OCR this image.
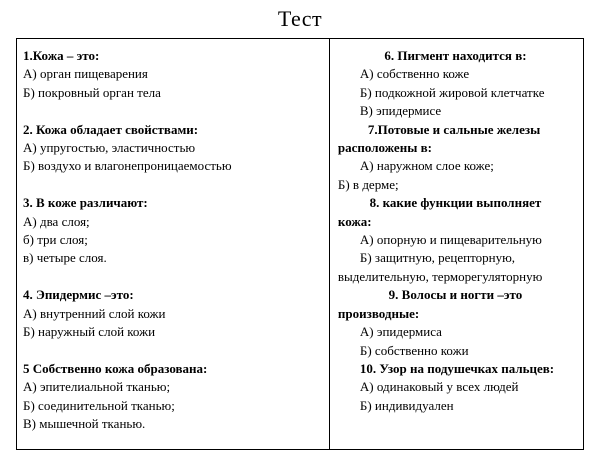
Тест
1.Кожа – это:
А) орган пищеварения
Б) покровный орган тела
2. Кожа обладает свойствами:
А) упругостью, эластичностью
Б) воздухо и влагонепроницаемостью
3. В коже различают:
А) два слоя;
б) три слоя;
в) четыре слоя.
4. Эпидермис –это:
А) внутренний слой кожи
Б) наружный слой кожи
5 Собственно кожа образована:
А) эпителиальной тканью;
Б) соединительной тканью;
В) мышечной тканью.
6. Пигмент находится в:
А) собственно коже
Б) подкожной жировой клетчатке
В) эпидермисе
7.Потовые и сальные железы
расположены в:
А) наружном слое коже;
Б) в дерме;
8. какие функции выполняет
кожа:
А) опорную и пищеварительную
Б) защитную, рецепторную,
выделительную, терморегуляторную
9. Волосы и ногти –это
производные:
А) эпидермиса
Б) собственно кожи
10. Узор на подушечках пальцев:
А) одинаковый у всех людей
Б) индивидуален
